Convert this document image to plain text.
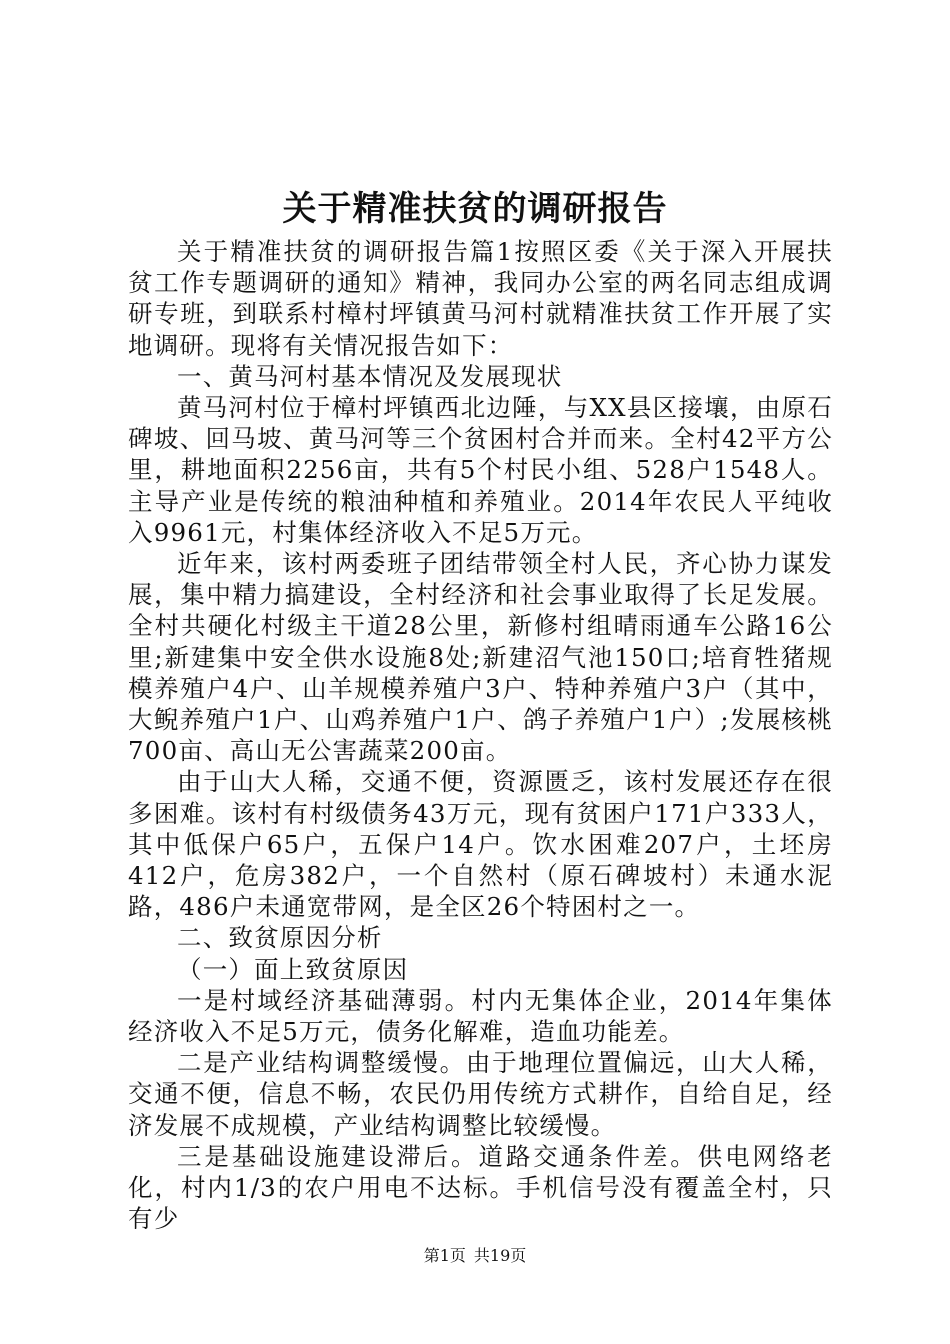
关于精准扶贫的调研报告

关于精准扶贫的调研报告篇1按照区委《关于深入开展扶贫工作专题调研的通知》精神，我同办公室的两名同志组成调研专班，到联系村樟村坪镇黄马河村就精准扶贫工作开展了实地调研。现将有关情况报告如下：

一、黄马河村基本情况及发展现状

黄马河村位于樟村坪镇西北边陲，与XX县区接壤，由原石碑坡、回马坡、黄马河等三个贫困村合并而来。全村42平方公里，耕地面积2256亩，共有5个村民小组、528户1548人。主导产业是传统的粮油种植和养殖业。2014年农民人平纯收入9961元，村集体经济收入不足5万元。

近年来，该村两委班子团结带领全村人民，齐心协力谋发展，集中精力搞建设，全村经济和社会事业取得了长足发展。全村共硬化村级主干道28公里，新修村组晴雨通车公路16公里;新建集中安全供水设施8处;新建沼气池150口;培育牲猪规模养殖户4户、山羊规模养殖户3户、特种养殖户3户（其中，大鲵养殖户1户、山鸡养殖户1户、鸽子养殖户1户）;发展核桃700亩、高山无公害蔬菜200亩。

由于山大人稀，交通不便，资源匮乏，该村发展还存在很多困难。该村有村级债务43万元，现有贫困户171户333人，其中低保户65户，五保户14户。饮水困难207户，土坯房412户，危房382户，一个自然村（原石碑坡村）未通水泥路，486户未通宽带网，是全区26个特困村之一。

二、致贫原因分析

（一）面上致贫原因

一是村域经济基础薄弱。村内无集体企业，2014年集体经济收入不足5万元，债务化解难，造血功能差。

二是产业结构调整缓慢。由于地理位置偏远，山大人稀，交通不便，信息不畅，农民仍用传统方式耕作，自给自足，经济发展不成规模，产业结构调整比较缓慢。

三是基础设施建设滞后。道路交通条件差。供电网络老化，村内1/3的农户用电不达标。手机信号没有覆盖全村，只有少

第1页 共19页
